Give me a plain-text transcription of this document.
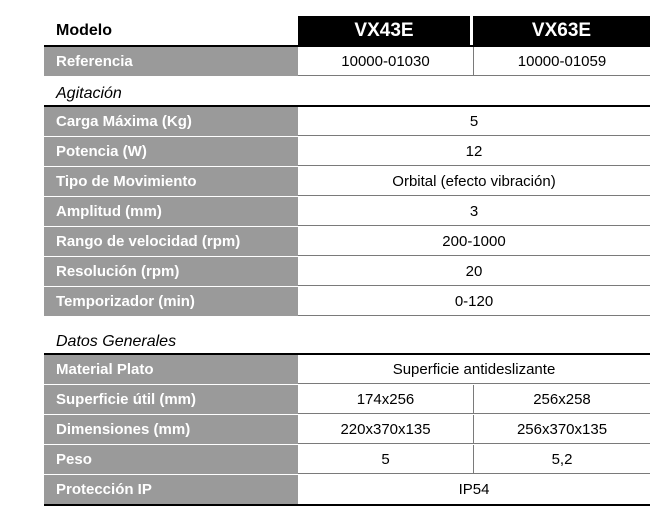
Modelo	VX43E	VX63E
Referencia	10000-01030	10000-01059
Agitación
Carga Máxima (Kg)	5
Potencia (W)	12
Tipo de Movimiento	Orbital (efecto vibración)
Amplitud (mm)	3
Rango de velocidad (rpm)	200-1000
Resolución (rpm)	20
Temporizador (min)	0-120
Datos Generales
Material Plato	Superficie antideslizante
Superficie útil (mm)	174x256	256x258
Dimensiones (mm)	220x370x135	256x370x135
Peso	5	5,2
Protección IP	IP54
